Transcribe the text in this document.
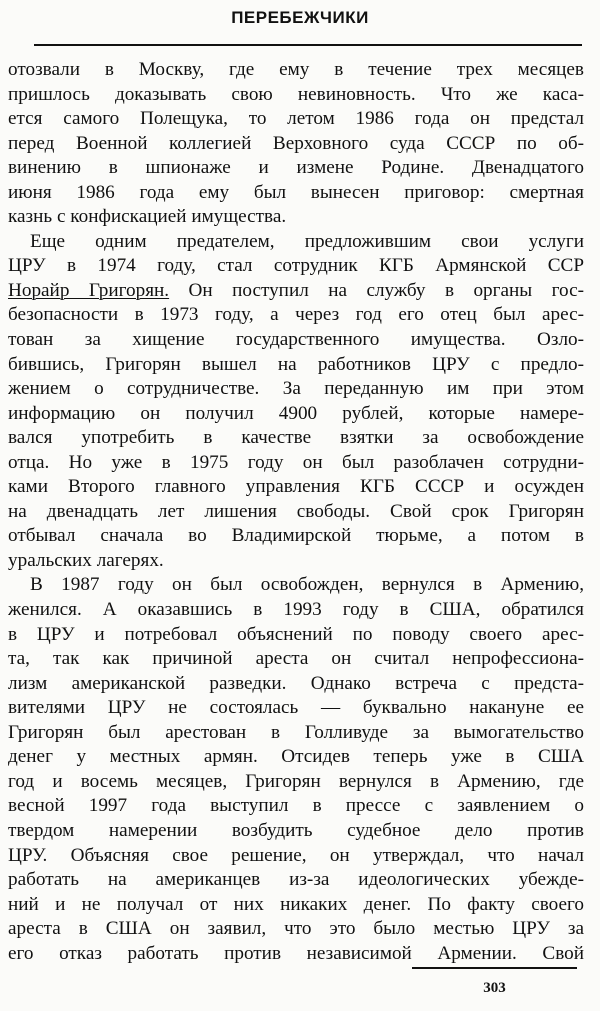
ПЕРЕБЕЖЧИКИ
отозвали в Москву, где ему в течение трех месяцев
пришлось доказывать свою невиновность. Что же каса-
ется самого Полещука, то летом 1986 года он предстал
перед Военной коллегией Верховного суда СССР по об-
винению в шпионаже и измене Родине. Двенадцатого
июня 1986 года ему был вынесен приговор: смертная
казнь с конфискацией имущества.
Еще одним предателем, предложившим свои услуги
ЦРУ в 1974 году, стал сотрудник КГБ Армянской ССР
Норайр Григорян. Он поступил на службу в органы гос-
безопасности в 1973 году, а через год его отец был арес-
тован за хищение государственного имущества. Озло-
бившись, Григорян вышел на работников ЦРУ с предло-
жением о сотрудничестве. За переданную им при этом
информацию он получил 4900 рублей, которые намере-
вался употребить в качестве взятки за освобождение
отца. Но уже в 1975 году он был разоблачен сотрудни-
ками Второго главного управления КГБ СССР и осужден
на двенадцать лет лишения свободы. Свой срок Григорян
отбывал сначала во Владимирской тюрьме, а потом в
уральских лагерях.
В 1987 году он был освобожден, вернулся в Армению,
женился. А оказавшись в 1993 году в США, обратился
в ЦРУ и потребовал объяснений по поводу своего арес-
та, так как причиной ареста он считал непрофессиона-
лизм американской разведки. Однако встреча с предста-
вителями ЦРУ не состоялась — буквально накануне ее
Григорян был арестован в Голливуде за вымогательство
денег у местных армян. Отсидев теперь уже в США
год и восемь месяцев, Григорян вернулся в Армению, где
весной 1997 года выступил в прессе с заявлением о
твердом намерении возбудить судебное дело против
ЦРУ. Объясняя свое решение, он утверждал, что начал
работать на американцев из-за идеологических убежде-
ний и не получал от них никаких денег. По факту своего
ареста в США он заявил, что это было местью ЦРУ за
его отказ работать против независимой Армении. Свой
303
